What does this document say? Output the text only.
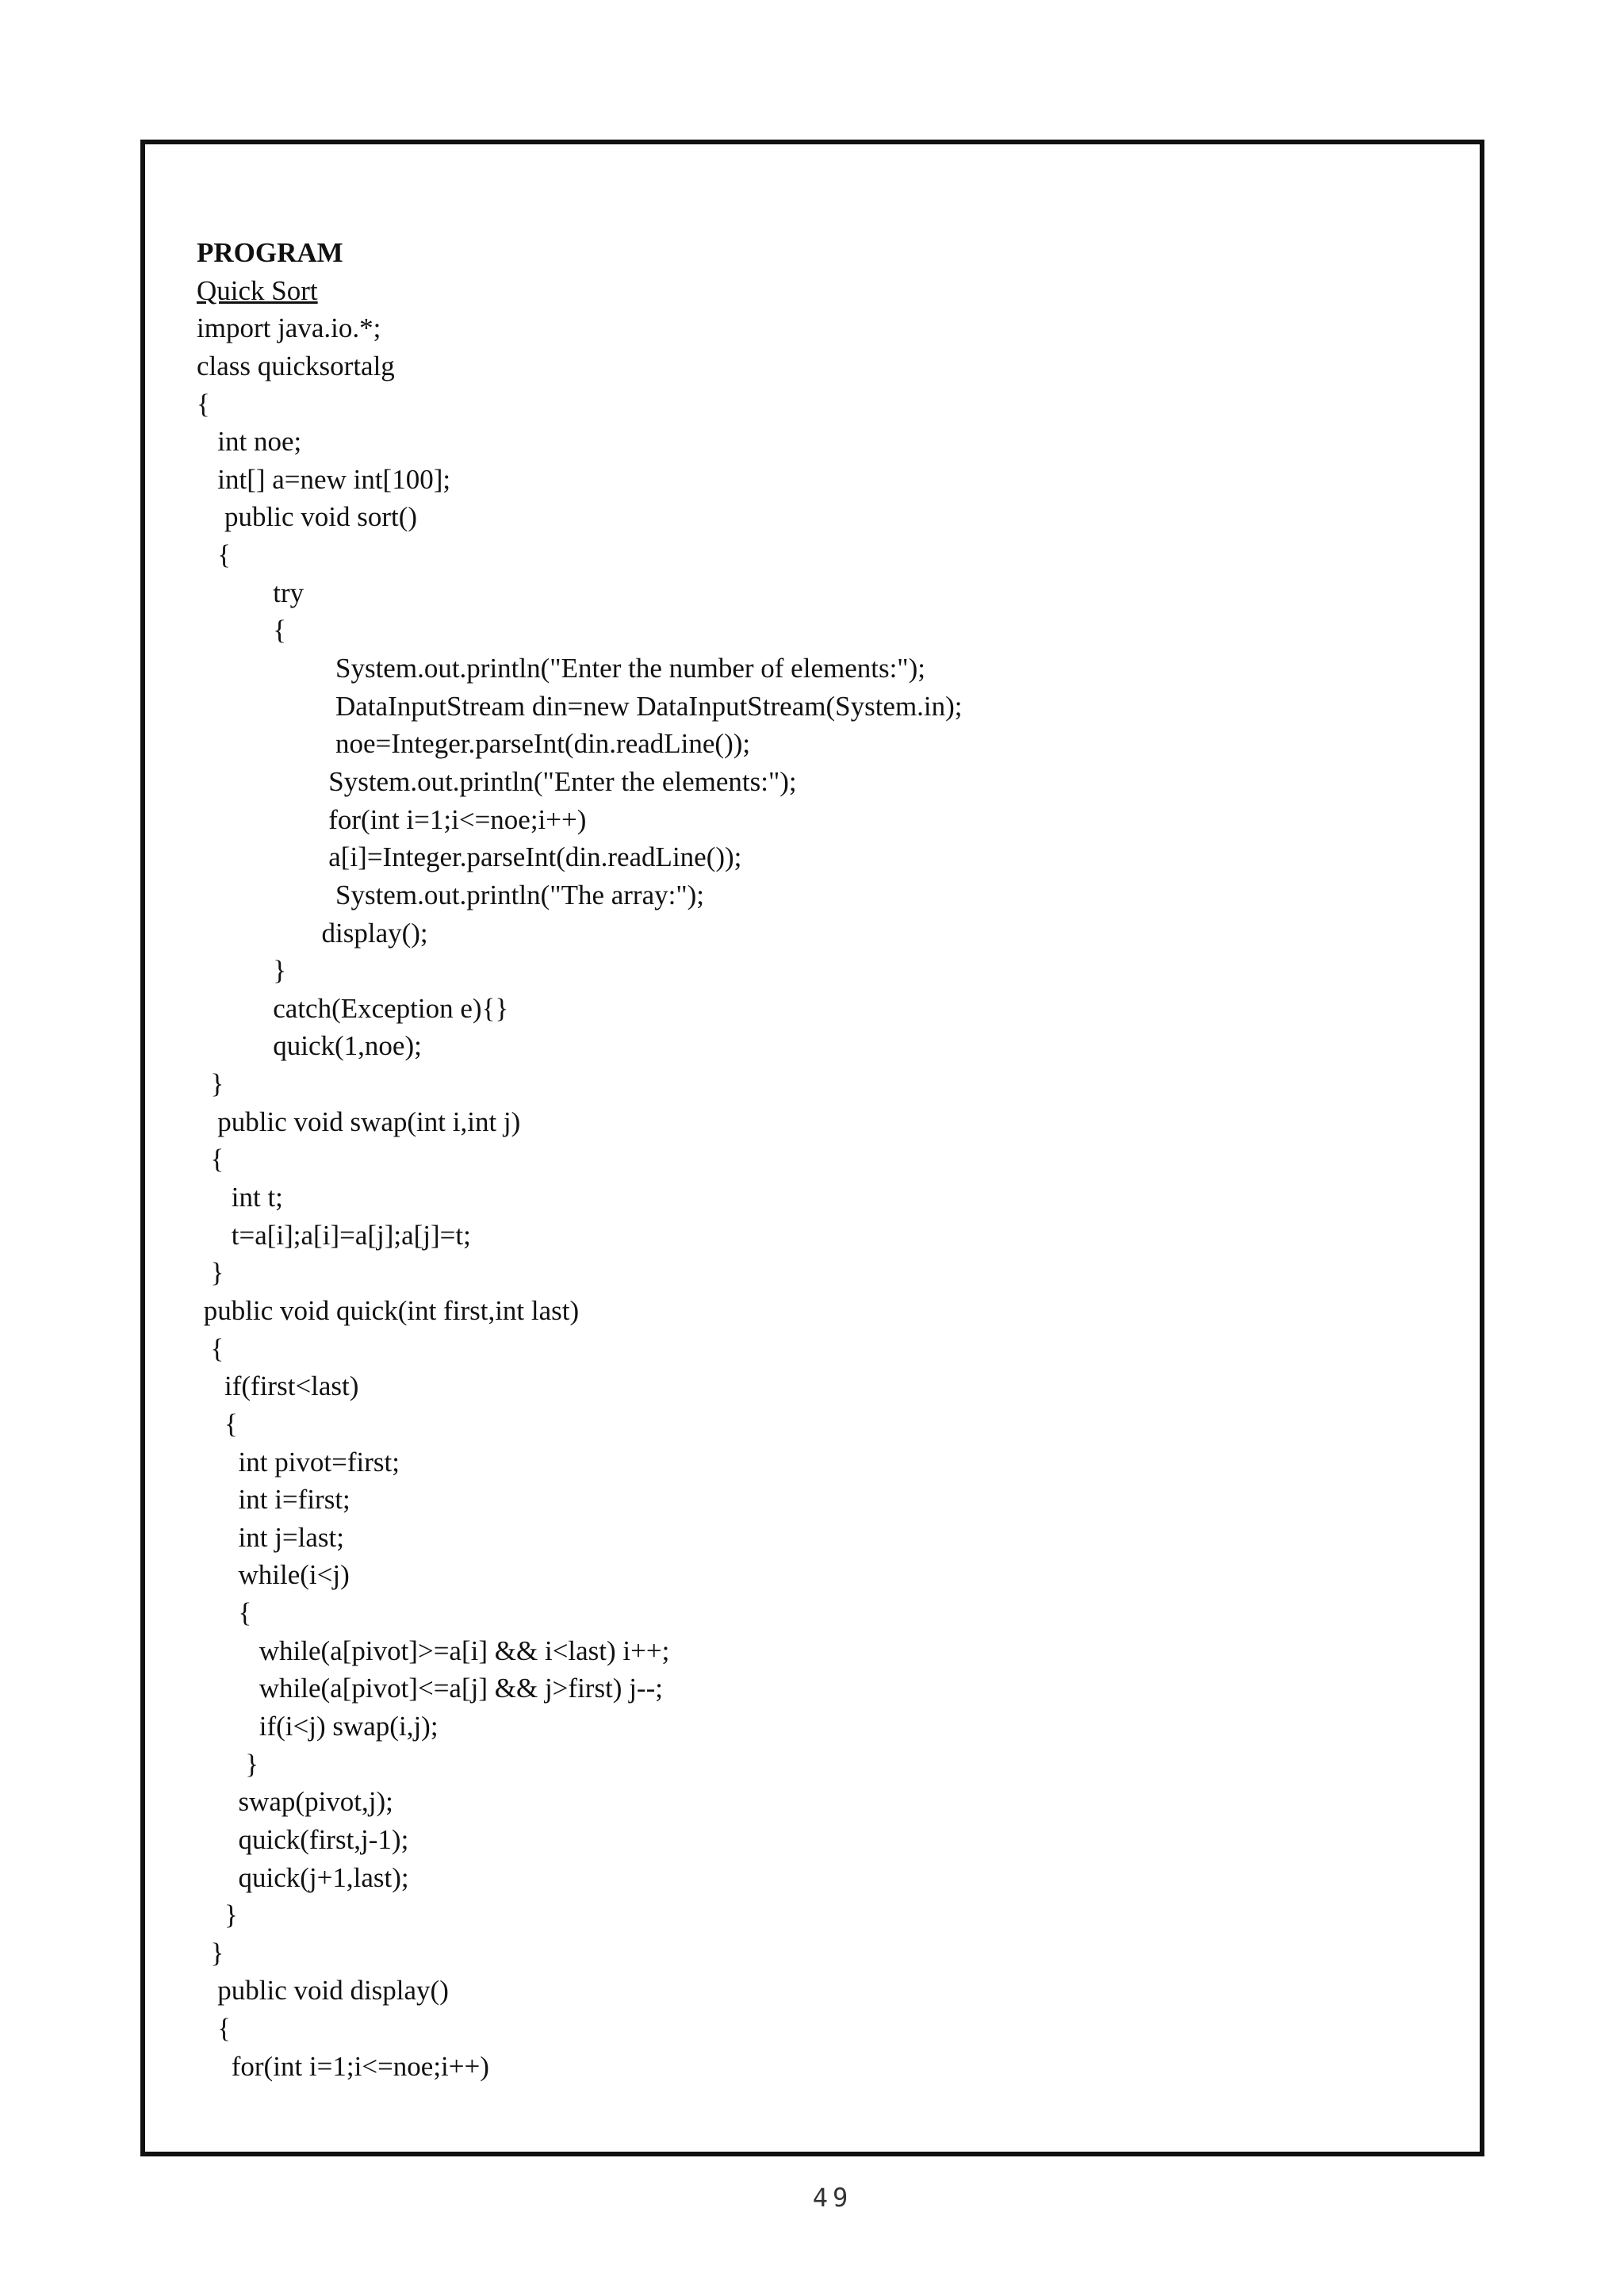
PROGRAM
Quick Sort
import java.io.*;
class quicksortalg
{
int noe;
int[] a=new int[100];
public void sort()
{
try
{
System.out.println("Enter the number of elements:");
DataInputStream din=new DataInputStream(System.in);
noe=Integer.parseInt(din.readLine());
System.out.println("Enter the elements:");
for(int i=1;i<=noe;i++)
a[i]=Integer.parseInt(din.readLine());
System.out.println("The array:");
display();
}
catch(Exception e){}
quick(1,noe);
}
public void swap(int i,int j)
{
int t;
t=a[i];a[i]=a[j];a[j]=t;
}
public void quick(int first,int last)
{
if(first<last)
{
int pivot=first;
int i=first;
int j=last;
while(i<j)
{
while(a[pivot]>=a[i] && i<last) i++;
while(a[pivot]<=a[j] && j>first) j--;
if(i<j) swap(i,j);
}
swap(pivot,j);
quick(first,j-1);
quick(j+1,last);
}
}
public void display()
{
for(int i=1;i<=noe;i++)
49
